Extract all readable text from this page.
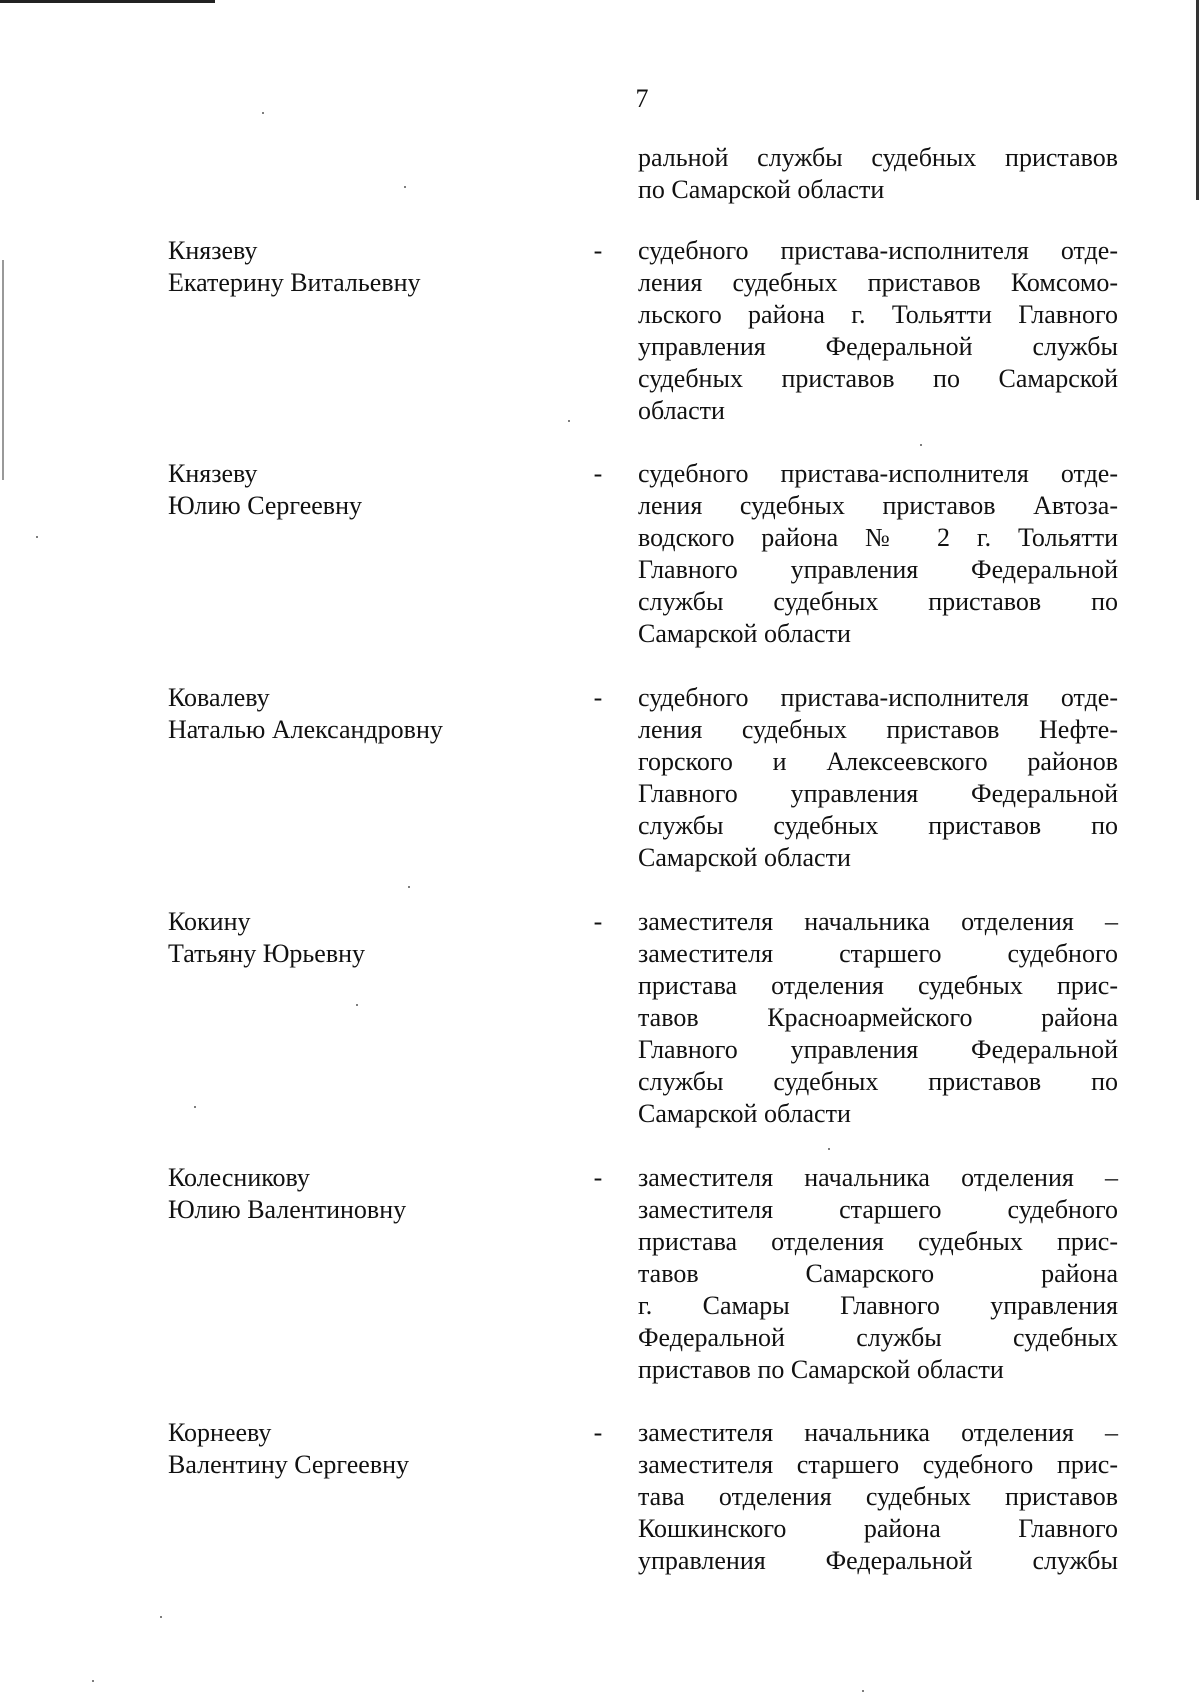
7
ральной службы судебных приставов
по Самарской области
Князеву
Екатерину Витальевну
- судебного пристава-исполнителя отде-
ления судебных приставов Комсомо-
льского района г. Тольятти Главного
управления Федеральной службы
судебных приставов по Самарской
области
Князеву
Юлию Сергеевну
- судебного пристава-исполнителя отде-
ления судебных приставов Автоза-
водского района № 2 г. Тольятти
Главного управления Федеральной
службы судебных приставов по
Самарской области
Ковалеву
Наталью Александровну
- судебного пристава-исполнителя отде-
ления судебных приставов Нефте-
горского и Алексеевского районов
Главного управления Федеральной
службы судебных приставов по
Самарской области
Кокину
Татьяну Юрьевну
- заместителя начальника отделения –
заместителя старшего судебного
пристава отделения судебных прис-
тавов Красноармейского района
Главного управления Федеральной
службы судебных приставов по
Самарской области
Колесникову
Юлию Валентиновну
- заместителя начальника отделения –
заместителя старшего судебного
пристава отделения судебных прис-
тавов Самарского района
г. Самары Главного управления
Федеральной службы судебных
приставов по Самарской области
Корнееву
Валентину Сергеевну
- заместителя начальника отделения –
заместителя старшего судебного прис-
тава отделения судебных приставов
Кошкинского района Главного
управления Федеральной службы
